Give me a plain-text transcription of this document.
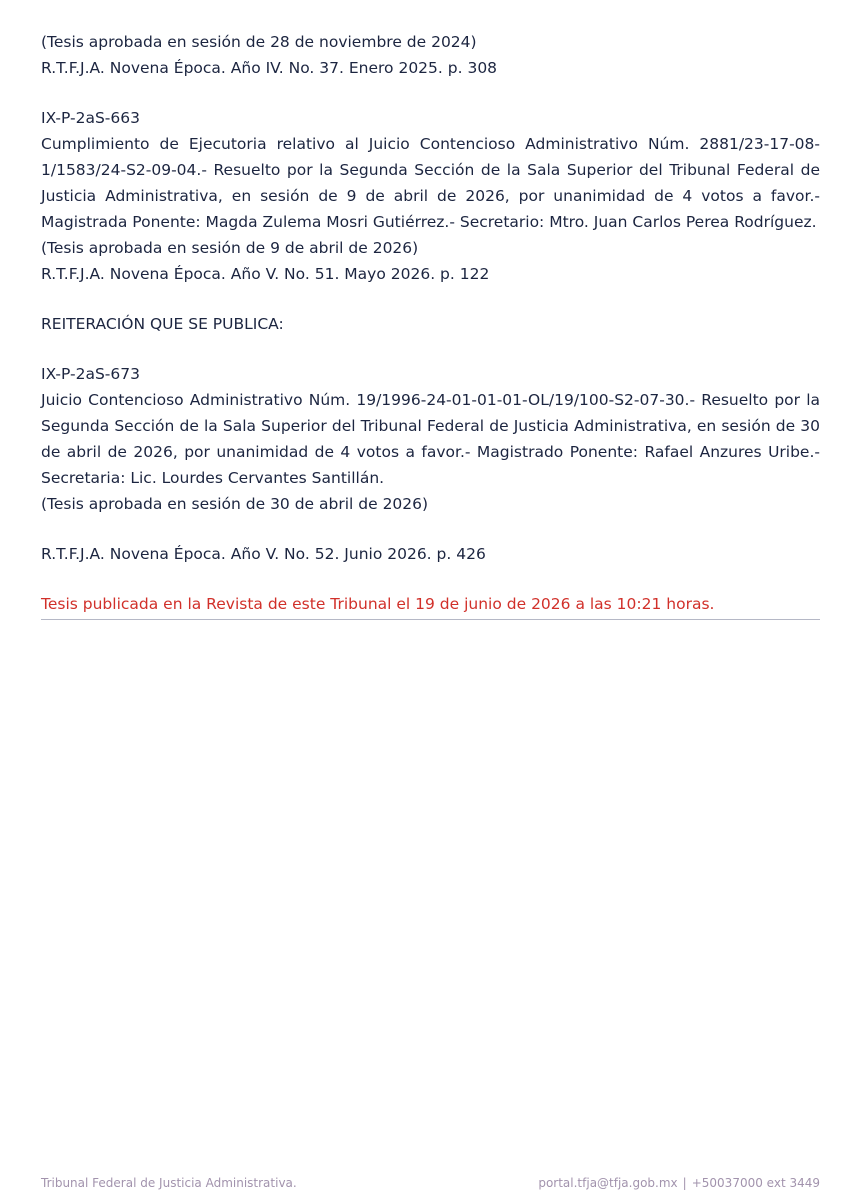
(Tesis aprobada en sesión de 28 de noviembre de 2024)

R.T.F.J.A. Novena Época. Año IV. No. 37. Enero 2025. p. 308

IX-P-2aS-663

Cumplimiento de Ejecutoria relativo al Juicio Contencioso Administrativo Núm. 2881/23-17-08-1/1583/24-S2-09-04.- Resuelto por la Segunda Sección de la Sala Superior del Tribunal Federal de Justicia Administrativa, en sesión de 9 de abril de 2026, por unanimidad de 4 votos a favor.- Magistrada Ponente: Magda Zulema Mosri Gutiérrez.- Secretario: Mtro. Juan Carlos Perea Rodríguez.

(Tesis aprobada en sesión de 9 de abril de 2026)

R.T.F.J.A. Novena Época. Año V. No. 51. Mayo 2026. p. 122

REITERACIÓN QUE SE PUBLICA:

IX-P-2aS-673

Juicio Contencioso Administrativo Núm. 19/1996-24-01-01-01-OL/19/100-S2-07-30.- Resuelto por la Segunda Sección de la Sala Superior del Tribunal Federal de Justicia Administrativa, en sesión de 30 de abril de 2026, por unanimidad de 4 votos a favor.- Magistrado Ponente: Rafael Anzures Uribe.- Secretaria: Lic. Lourdes Cervantes Santillán.

(Tesis aprobada en sesión de 30 de abril de 2026)

R.T.F.J.A. Novena Época. Año V. No. 52. Junio 2026. p. 426

Tesis publicada en la Revista de este Tribunal el 19 de junio de 2026 a las 10:21 horas.

Tribunal Federal de Justicia Administrativa.	portal.tfja@tfja.gob.mx | +50037000 ext 3449
